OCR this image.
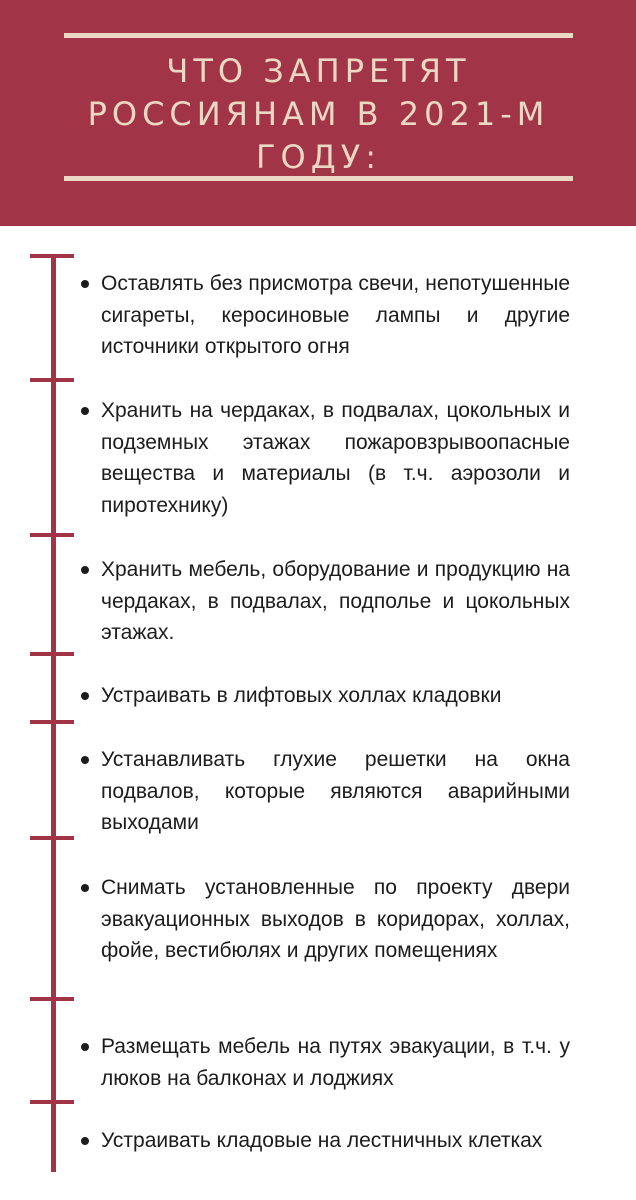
ЧТО ЗАПРЕТЯТ РОССИЯНАМ В 2021-М ГОДУ:
Оставлять без присмотра свечи, непотушенные сигареты, керосиновые лампы и другие источники открытого огня
Хранить на чердаках, в подвалах, цокольных и подземных этажах пожаровзрывоопасные вещества и материалы (в т.ч. аэрозоли и пиротехнику)
Хранить мебель, оборудование и продукцию на чердаках, в подвалах, подполье и цокольных этажах.
Устраивать в лифтовых холлах кладовки
Устанавливать глухие решетки на окна подвалов, которые являются аварийными выходами
Снимать установленные по проекту двери эвакуационных выходов в коридорах, холлах, фойе, вестибюлях и других помещениях
Размещать мебель на путях эвакуации, в т.ч. у люков на балконах и лоджиях
Устраивать кладовые на лестничных клетках
